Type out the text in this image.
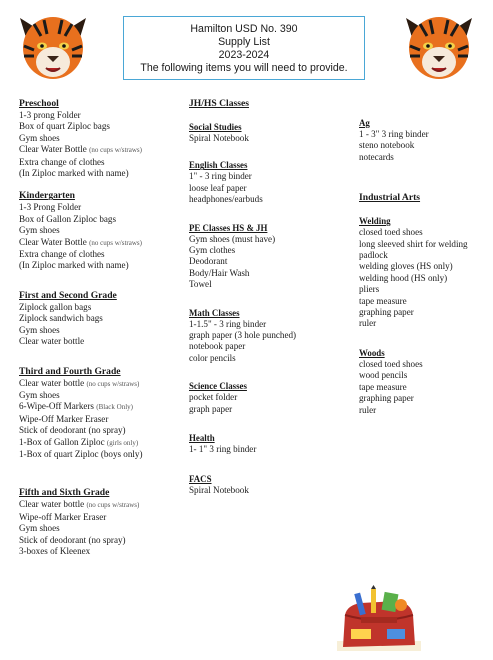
Hamilton USD No. 390
Supply List
2023-2024
The following items you will need to provide.
Preschool
1-3 prong Folder
Box of quart Ziploc bags
Gym shoes
Clear Water Bottle (no cups w/straws)
Extra change of clothes
(In Ziploc marked with name)
Kindergarten
1-3 Prong Folder
Box of Gallon Ziploc bags
Gym shoes
Clear Water Bottle (no cups w/straws)
Extra change of clothes
(In Ziploc marked with name)
First and Second Grade
Ziplock gallon bags
Ziplock sandwich bags
Gym shoes
Clear water bottle
Third and Fourth Grade
Clear water bottle (no cups w/straws)
Gym shoes
6-Wipe-Off Markers (Black Only)
Wipe-Off Marker Eraser
Stick of deodorant (no spray)
1-Box of Gallon Ziploc (girls only)
1-Box of quart Ziploc (boys only)
Fifth and Sixth Grade
Clear water bottle (no cups w/straws)
Wipe-off Marker Eraser
Gym shoes
Stick of deodorant (no spray)
3-boxes of Kleenex
JH/HS Classes
Social Studies
Spiral Notebook
English Classes
1" - 3 ring binder
loose leaf paper
headphones/earbuds
PE Classes HS & JH
Gym shoes (must have)
Gym clothes
Deodorant
Body/Hair Wash
Towel
Math Classes
1-1.5" - 3 ring binder
graph paper (3 hole punched)
notebook paper
color pencils
Science Classes
pocket folder
graph paper
Health
1- 1" 3 ring binder
FACS
Spiral Notebook
Ag
1 - 3" 3 ring binder
steno notebook
notecards
Industrial Arts
Welding
closed toed shoes
long sleeved shirt for welding
padlock
welding gloves (HS only)
welding hood (HS only)
pliers
tape measure
graphing paper
ruler
Woods
closed toed shoes
wood pencils
tape measure
graphing paper
ruler
